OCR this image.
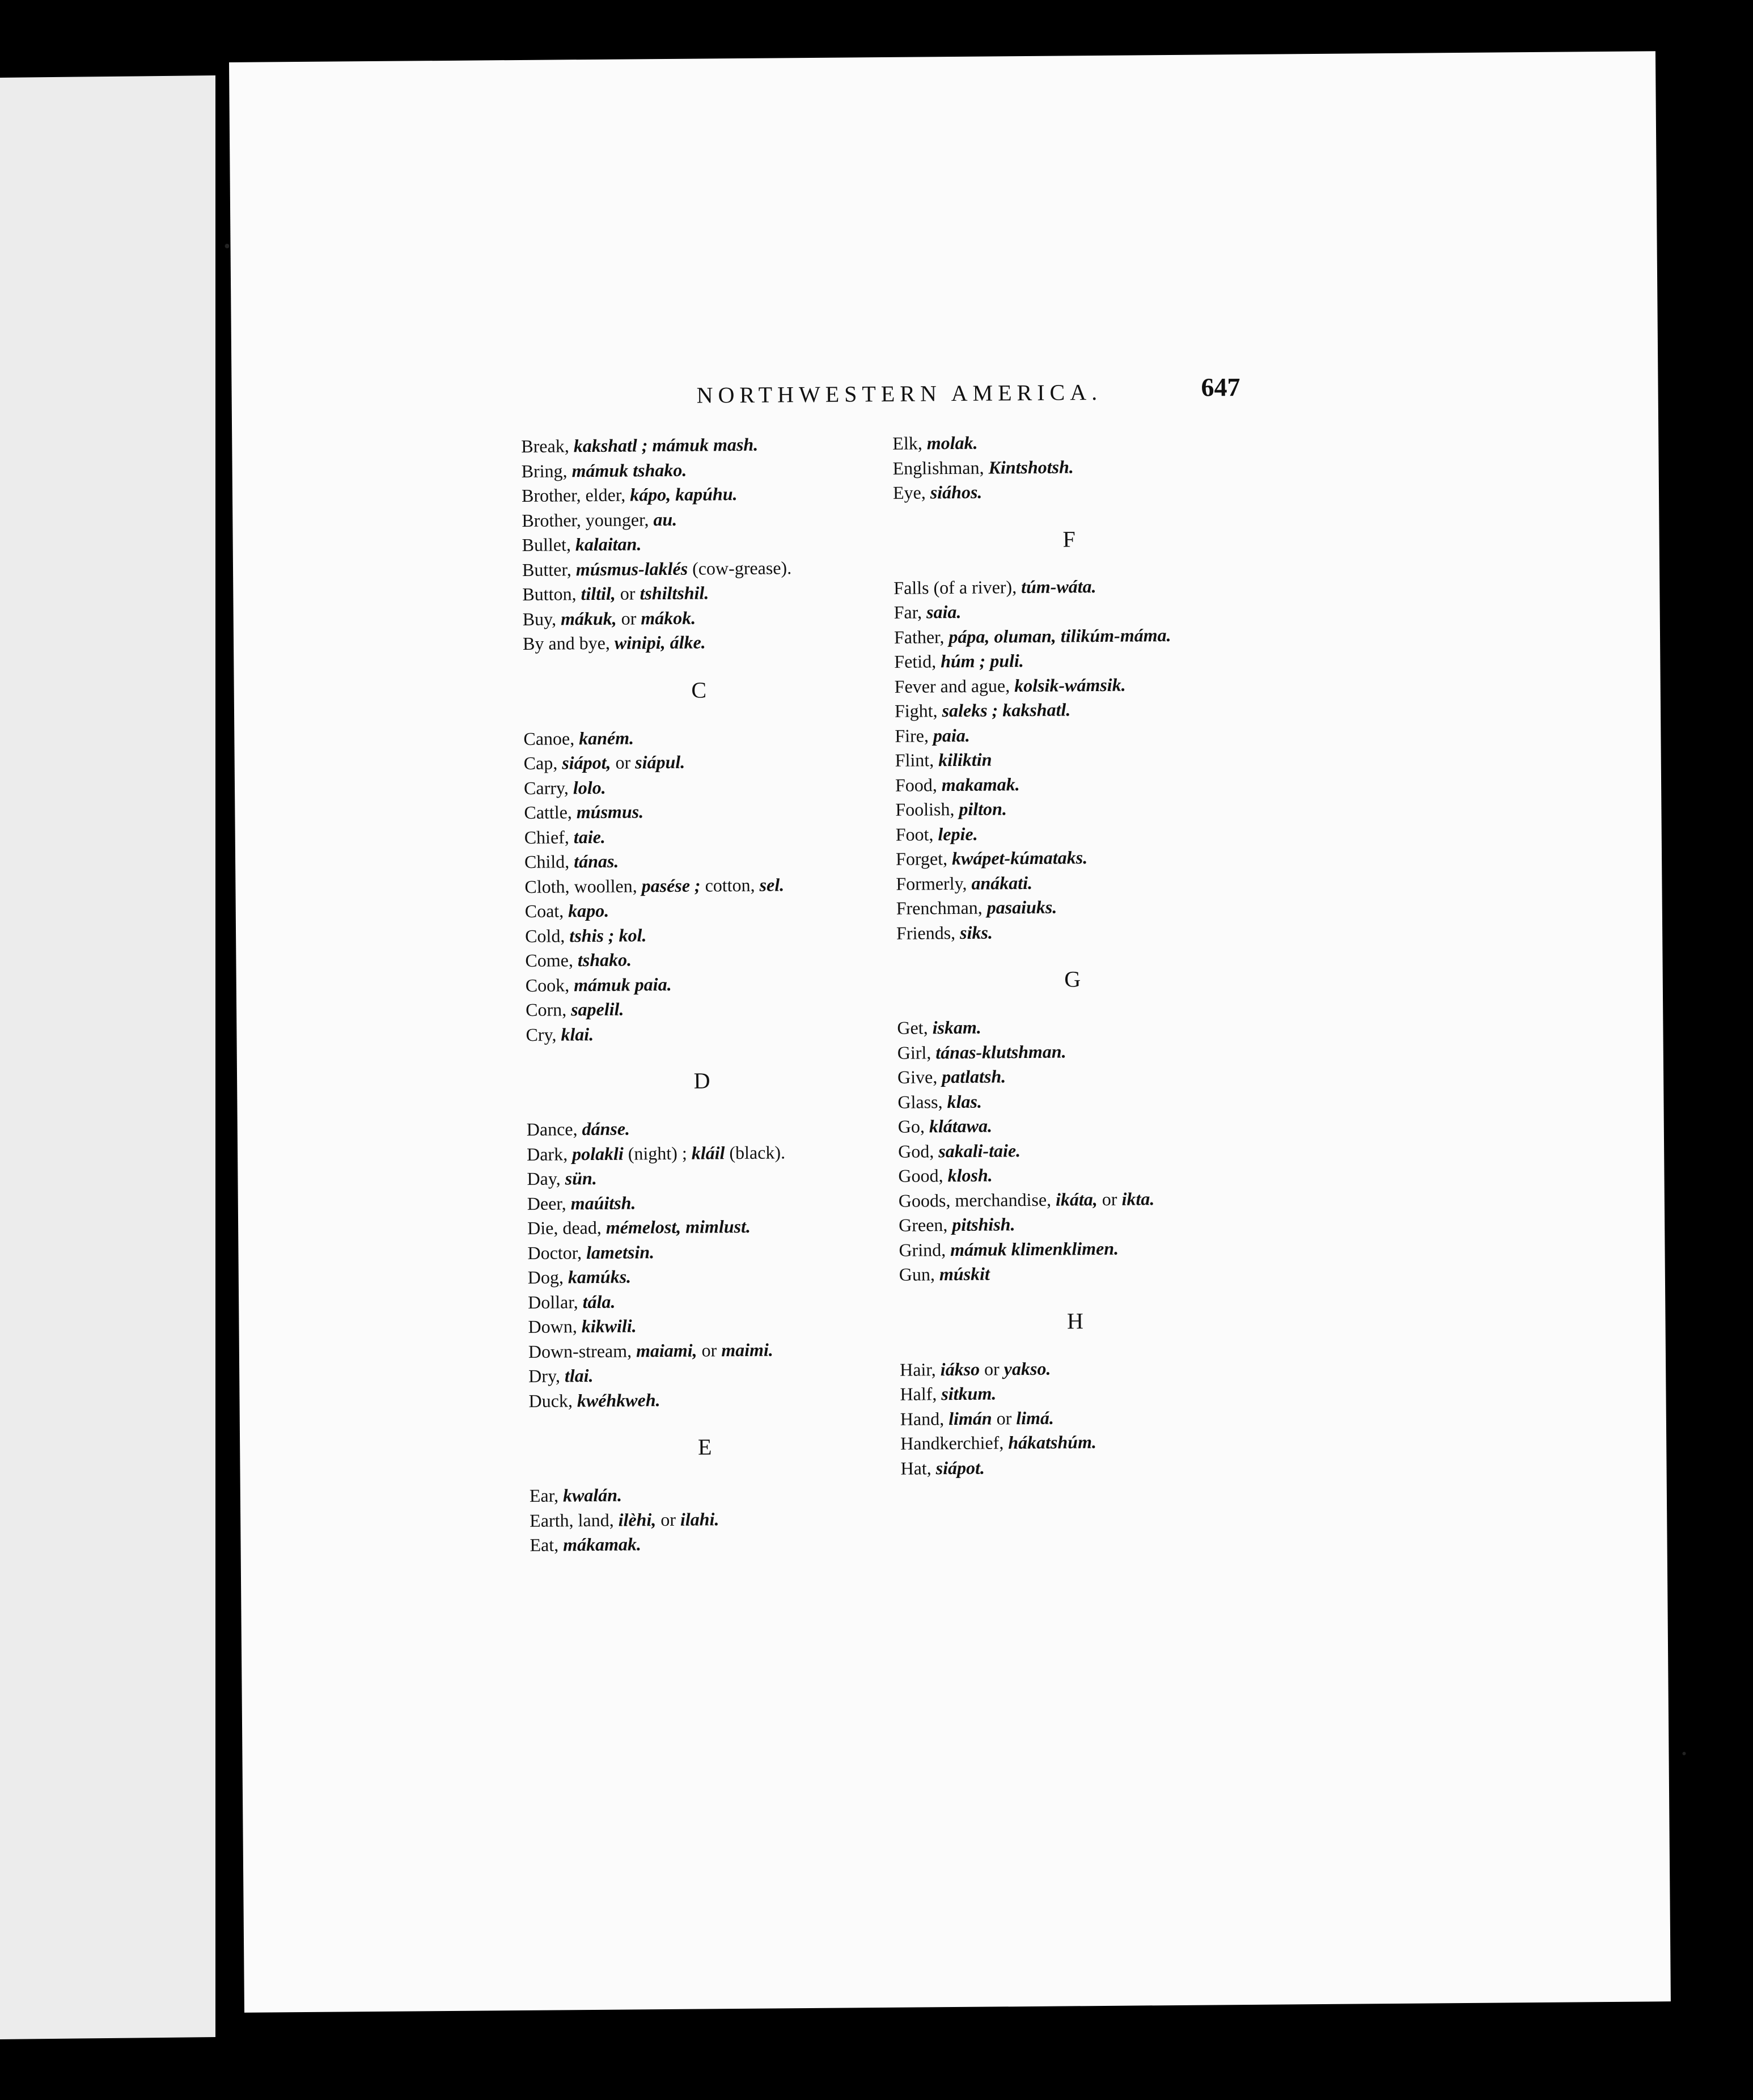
NORTHWESTERN AMERICA.	647
Break, kakshatl ; mámuk mash.
Bring, mámuk tshako.
Brother, elder, kápo, kapúhu.
Brother, younger, au.
Bullet, kalaitan.
Butter, músmus-laklés (cow-grease).
Button, tiltil, or tshiltshil.
Buy, mákuk, or mákok.
By and bye, winipi, álke.
C
Canoe, kaném.
Cap, siápot, or siápul.
Carry, lolo.
Cattle, músmus.
Chief, taie.
Child, tánas.
Cloth, woollen, pasése ; cotton, sel.
Coat, kapo.
Cold, tshis ; kol.
Come, tshako.
Cook, mámuk paia.
Corn, sapelil.
Cry, klai.
D
Dance, dánse.
Dark, polakli (night) ; kláil (black).
Day, sün.
Deer, maúitsh.
Die, dead, mémelost, mimlust.
Doctor, lametsin.
Dog, kamúks.
Dollar, tála.
Down, kikwili.
Down-stream, maiami, or maimi.
Dry, tlai.
Duck, kwéhkweh.
E
Ear, kwalán.
Earth, land, ilèhi, or ilahi.
Eat, mákamak.
Elk, molak.
Englishman, Kintshotsh.
Eye, siáhos.
F
Falls (of a river), túm-wáta.
Far, saia.
Father, pápa, oluman, tilikúm-máma.
Fetid, húm ; puli.
Fever and ague, kolsik-wámsik.
Fight, saleks ; kakshatl.
Fire, paia.
Flint, kiliktin
Food, makamak.
Foolish, pilton.
Foot, lepie.
Forget, kwápet-kúmataks.
Formerly, anákati.
Frenchman, pasaiuks.
Friends, siks.
G
Get, iskam.
Girl, tánas-klutshman.
Give, patlatsh.
Glass, klas.
Go, klátawa.
God, sakali-taie.
Good, klosh.
Goods, merchandise, ikáta, or ikta.
Green, pitshish.
Grind, mámuk klimenklimen.
Gun, múskit
H
Hair, iákso or yakso.
Half, sitkum.
Hand, limán or limá.
Handkerchief, hákatshúm.
Hat, siápot.
